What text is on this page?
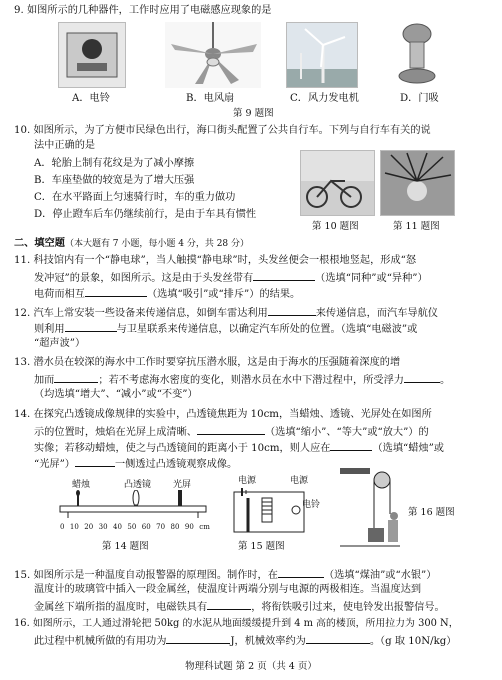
9. 如图所示的几种器件，工作时应用了电磁感应现象的是
A．电铃	B．电风扇	C．风力发电机	D．门吸
第 9 题图
10. 如图所示，为了方便市民绿色出行，海口街头配置了公共自行车。下列与自行车有关的说
法中正确的是
A．轮胎上制有花纹是为了减小摩擦
B．车座垫做的较宽是为了增大压强
C．在水平路面上匀速骑行时，车的重力做功
D．停止蹬车后车仍继续前行，是由于车具有惯性
第 10 题图	第 11 题图
二、填空题（本大题有 7 小题，每小题 4 分，共 28 分）
11. 科技馆内有一个“静电球”，当人触摸“静电球”时，头发丝便会一根根地竖起，形成“怒
发冲冠”的景象，如图所示。这是由于头发丝带有	（选填“同种”或“异种”）
电荷而相互	（选填“吸引”或“排斥”）的结果。
12. 汽车上常安装一些设备来传递信息，如倒车雷达利用	来传递信息，而汽车导航仪
则利用	与卫星联系来传递信息，以确定汽车所处的位置。（选填“电磁波”或
“超声波”）
13. 潜水员在较深的海水中工作时要穿抗压潜水服，这是由于海水的压强随着深度的增
加而	；若不考虑海水密度的变化，则潜水员在水中下潜过程中，所受浮力	。
（均选填“增大”、“减小”或“不变”）
14. 在探究凸透镜成像规律的实验中，凸透镜焦距为 10cm，当蜡烛、透镜、光屏处在如图所
示的位置时，烛焰在光屏上成清晰、	（选填“缩小”、“等大”或“放大”）的
实像；若移动蜡烛，使之与凸透镜间的距离小于 10cm，则人应在	（选填“蜡烛”或
“光屏”）	一侧透过凸透镜观察成像。
蜡烛	凸透镜 光屏
0 10 20 30 40 50 60 70 80 90 cm
第 14 题图
电源	电源
电铃
第 15 题图
第 16 题图
15. 如图所示是一种温度自动报警器的原理图。制作时，在	（选填“煤油”或“水银”）
温度计的玻璃管中插入一段金属丝，使温度计两端分别与电源的两极相连。当温度达到
金属丝下端所指的温度时，电磁铁具有	，将衔铁吸引过来，使电铃发出报警信号。
16. 如图所示，工人通过滑轮把 50kg 的水泥从地面缓缓提升到 4 m 高的楼顶，所用拉力为 300 N，
此过程中机械所做的有用功为	J，机械效率约为	。（g 取 10N/kg）
物理科试题 第 2 页（共 4 页）
